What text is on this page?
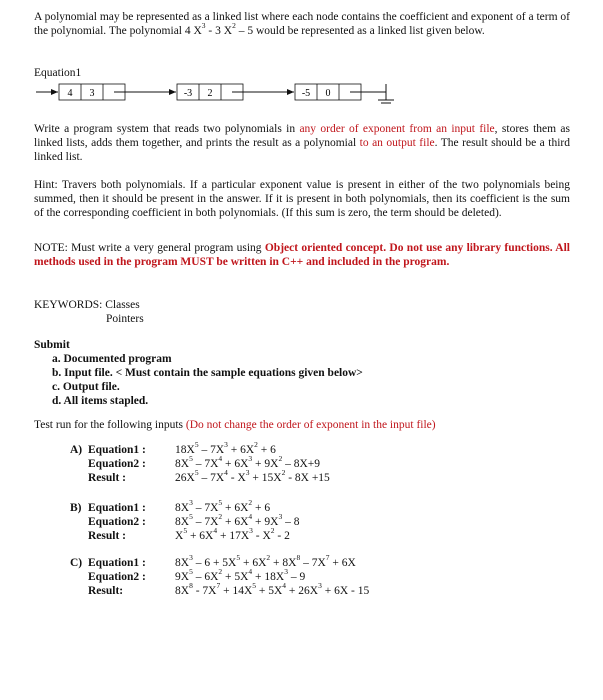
A polynomial may be represented as a linked list where each node contains the coefficient and exponent of a term of the polynomial. The polynomial 4 $X^3 - 3$ $X^2 - 5$ would be represented as a linked list given below.
Equation1
4 3	-3 2	-5 0
Write a program system that reads two polynomials in any order of exponent from an input file, stores them as linked lists, adds them together, and prints the result as a polynomial to an output file. The result should be a third linked list.
Hint: Travers both polynomials. If a particular exponent value is present in either of the two polynomials being summed, then it should be present in the answer. If it is present in both polynomials, then its coefficient is the sum of the corresponding coefficient in both polynomials. (If this sum is zero, the term should be deleted).
NOTE: Must write a very general program using Object oriented concept. Do not use any library functions. All methods used in the program MUST be written in C++ and included in the program.
KEYWORDS: Classes
Pointers
Submit
a. Documented program
b. Input file. < Must contain the sample equations given below>
c. Output file.
d. All items stapled.
Test run for the following inputs (Do not change the order of exponent in the input file)
A) Equation1 :
Equation2 :
Result :
$18X^5 - 7X^3 + 6X^2 + 6$
$8X^5 - 7X^4 + 6X^3 + 9X^2 - 8X+9$
$26X^5 - 7X^4 - X^3 + 15X^2 - 8X +15$
B) Equation1 :
Equation2 :
Result :
$8X^3 - 7X^5 + 6X^2 + 6$
$8X^5 - 7X^2 + 6X^4 + 9X^3 - 8$
$X^5 + 6X^4 + 17X^3 - X^2 - 2$
C) Equation1 :
Equation2 :
Result:
$8X^3 - 6 + 5X^5 + 6X^2 + 8X^8 - 7X^7 + 6X$
$9X^5 - 6X^2 + 5X^4 + 18X^3 - 9$
$8X^8 - 7X^7 + 14X^5 + 5X^4 + 26X^3 + 6X - 15$
